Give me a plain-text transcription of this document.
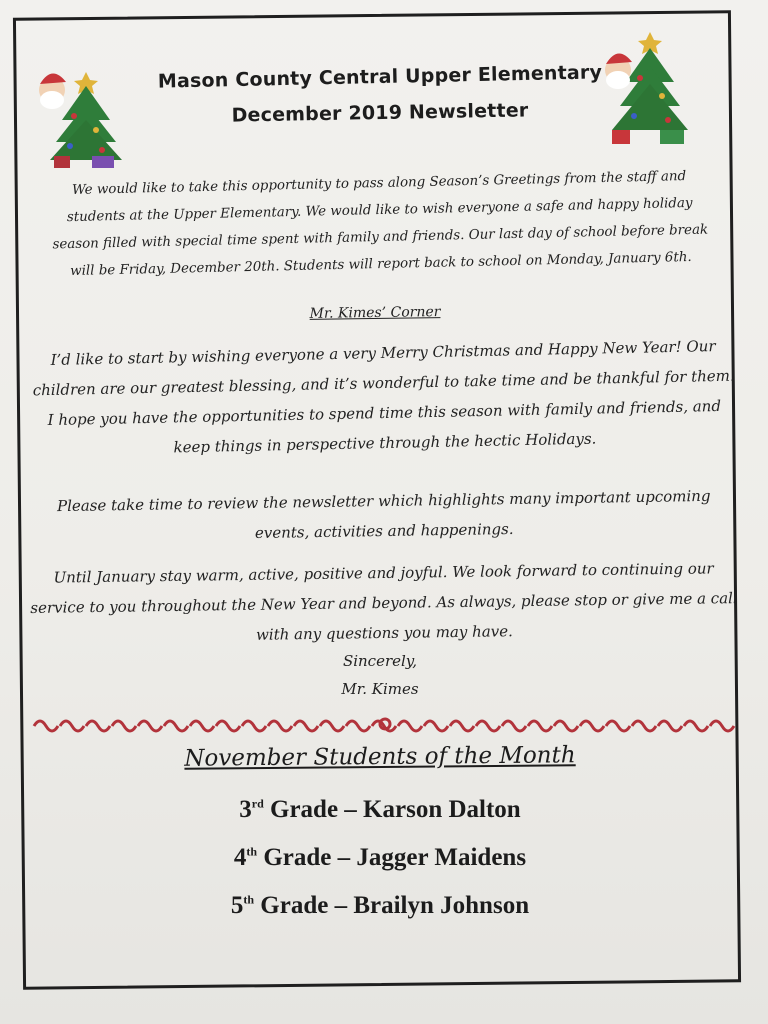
Mason County Central Upper Elementary
December 2019 Newsletter
We would like to take this opportunity to pass along Season’s Greetings from the staff and students at the Upper Elementary. We would like to wish everyone a safe and happy holiday season filled with special time spent with family and friends. Our last day of school before break will be Friday, December 20th. Students will report back to school on Monday, January 6th.
Mr. Kimes’ Corner
I’d like to start by wishing everyone a very Merry Christmas and Happy New Year! Our children are our greatest blessing, and it’s wonderful to take time and be thankful for them. I hope you have the opportunities to spend time this season with family and friends, and keep things in perspective through the hectic Holidays.
Please take time to review the newsletter which highlights many important upcoming events, activities and happenings.
Until January stay warm, active, positive and joyful. We look forward to continuing our service to you throughout the New Year and beyond. As always, please stop or give me a call with any questions you may have.
Sincerely,
Mr. Kimes
November Students of the Month
3rd Grade – Karson Dalton
4th Grade – Jagger Maidens
5th Grade – Brailyn Johnson
